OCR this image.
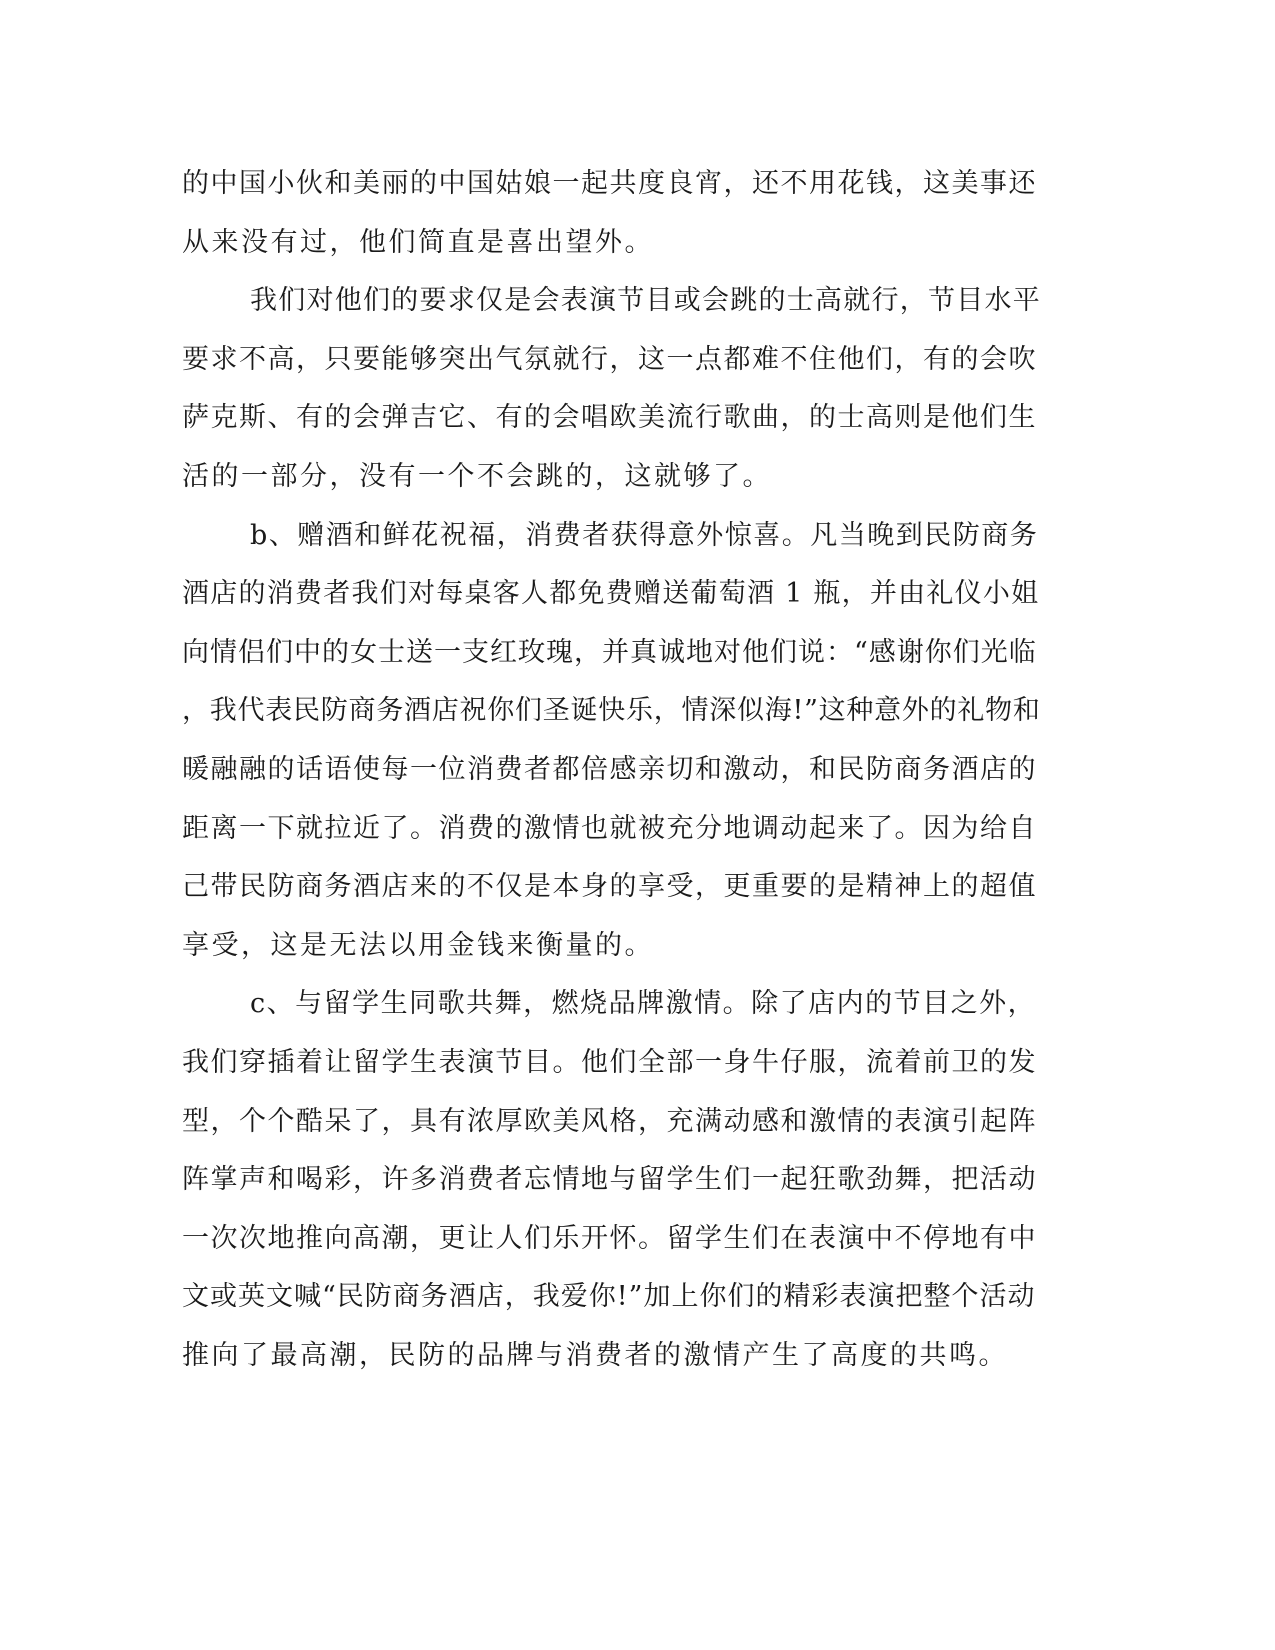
的中国小伙和美丽的中国姑娘一起共度良宵，还不用花钱，这美事还
从来没有过，他们简直是喜出望外。
我们对他们的要求仅是会表演节目或会跳的士高就行，节目水平
要求不高，只要能够突出气氛就行，这一点都难不住他们，有的会吹
萨克斯、有的会弹吉它、有的会唱欧美流行歌曲，的士高则是他们生
活的一部分，没有一个不会跳的，这就够了。
b、赠酒和鲜花祝福，消费者获得意外惊喜。凡当晚到民防商务
酒店的消费者我们对每桌客人都免费赠送葡萄酒 1 瓶，并由礼仪小姐
向情侣们中的女士送一支红玫瑰，并真诚地对他们说：“感谢你们光临
，我代表民防商务酒店祝你们圣诞快乐，情深似海!”这种意外的礼物和
暖融融的话语使每一位消费者都倍感亲切和激动，和民防商务酒店的
距离一下就拉近了。消费的激情也就被充分地调动起来了。因为给自
己带民防商务酒店来的不仅是本身的享受，更重要的是精神上的超值
享受，这是无法以用金钱来衡量的。
c、与留学生同歌共舞，燃烧品牌激情。除了店内的节目之外，
我们穿插着让留学生表演节目。他们全部一身牛仔服，流着前卫的发
型，个个酷呆了，具有浓厚欧美风格，充满动感和激情的表演引起阵
阵掌声和喝彩，许多消费者忘情地与留学生们一起狂歌劲舞，把活动
一次次地推向高潮，更让人们乐开怀。留学生们在表演中不停地有中
文或英文喊“民防商务酒店，我爱你!”加上你们的精彩表演把整个活动
推向了最高潮，民防的品牌与消费者的激情产生了高度的共鸣。
